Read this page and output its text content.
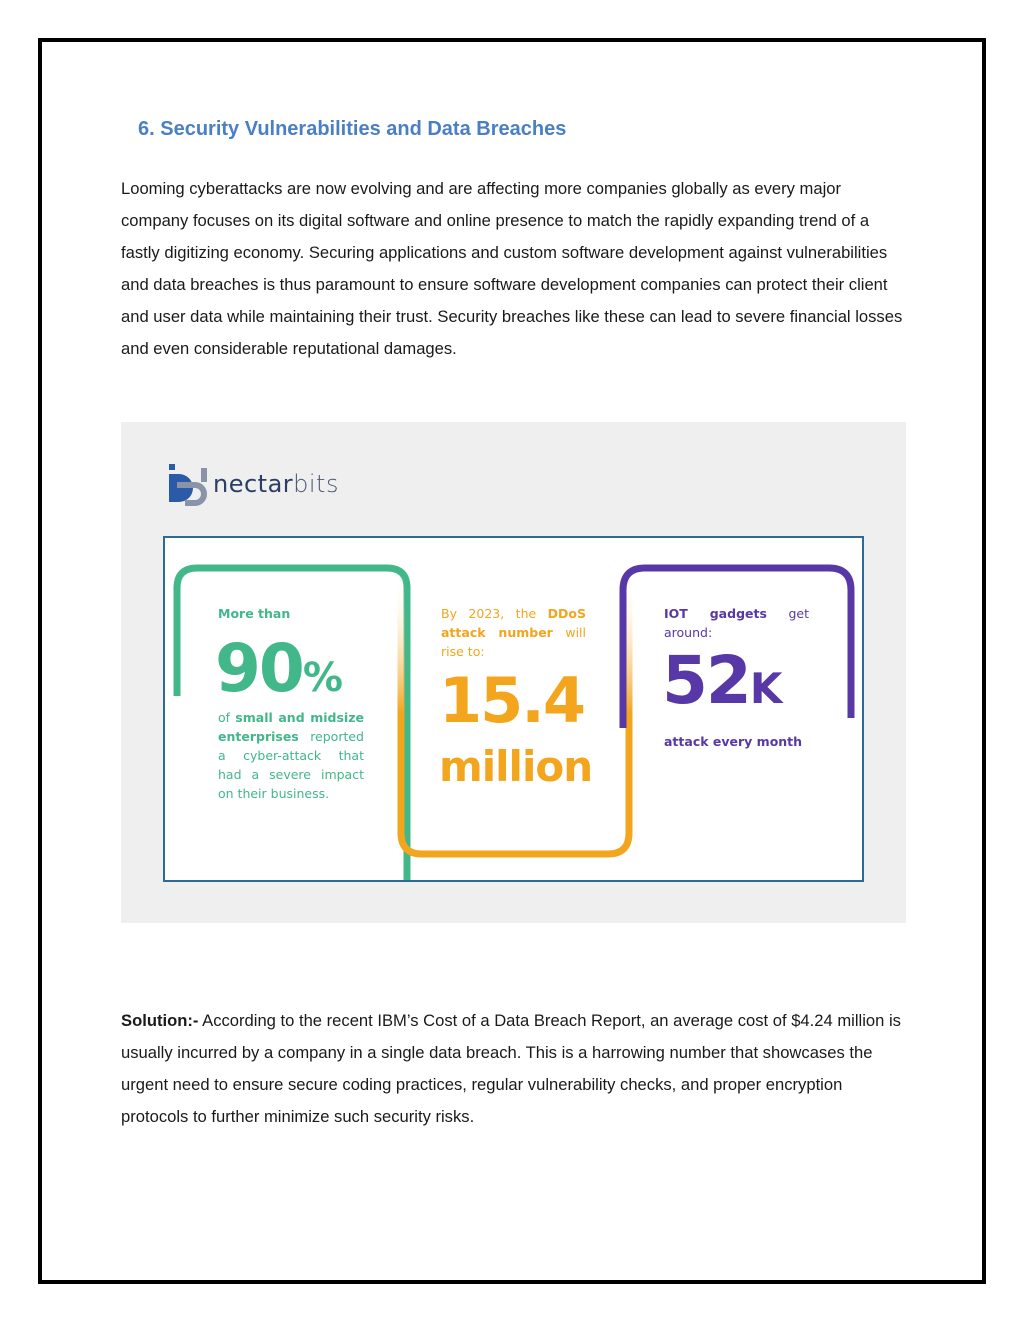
6. Security Vulnerabilities and Data Breaches

Looming cyberattacks are now evolving and are affecting more companies globally as every major company focuses on its digital software and online presence to match the rapidly expanding trend of a fastly digitizing economy. Securing applications and custom software development against vulnerabilities and data breaches is thus paramount to ensure software development companies can protect their client and user data while maintaining their trust. Security breaches like these can lead to severe financial losses and even considerable reputational damages.

nectarbits
More than
90%
of small and midsize enterprises reported a cyber-attack that had a severe impact on their business.
By 2023, the DDoS attack number will rise to:
15.4
million
IOT gadgets get around:
52K
attack every month

Solution:- According to the recent IBM’s Cost of a Data Breach Report, an average cost of $4.24 million is usually incurred by a company in a single data breach. This is a harrowing number that showcases the urgent need to ensure secure coding practices, regular vulnerability checks, and proper encryption protocols to further minimize such security risks.
